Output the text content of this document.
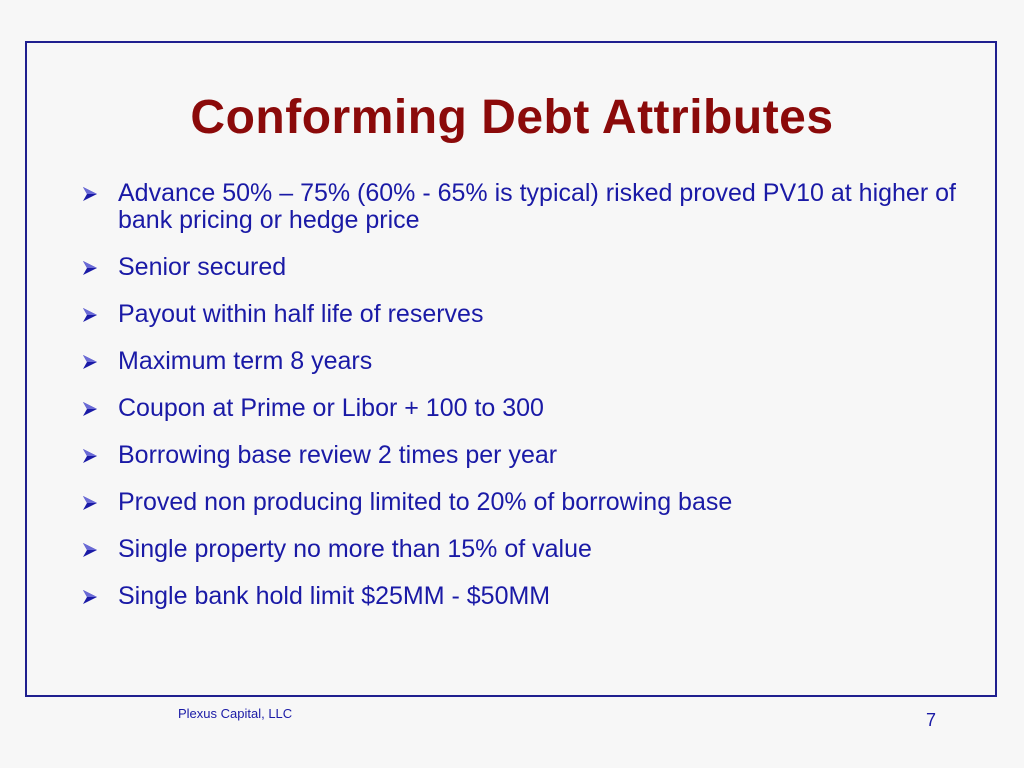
Conforming Debt Attributes
Advance 50% – 75% (60% - 65% is typical) risked proved PV10 at higher of bank pricing or hedge price
Senior secured
Payout within half life of reserves
Maximum term 8 years
Coupon at Prime or Libor + 100 to 300
Borrowing base review 2 times per year
Proved non producing limited to 20% of borrowing base
Single property no more than 15% of value
Single bank hold limit $25MM - $50MM
Plexus Capital, LLC	7
